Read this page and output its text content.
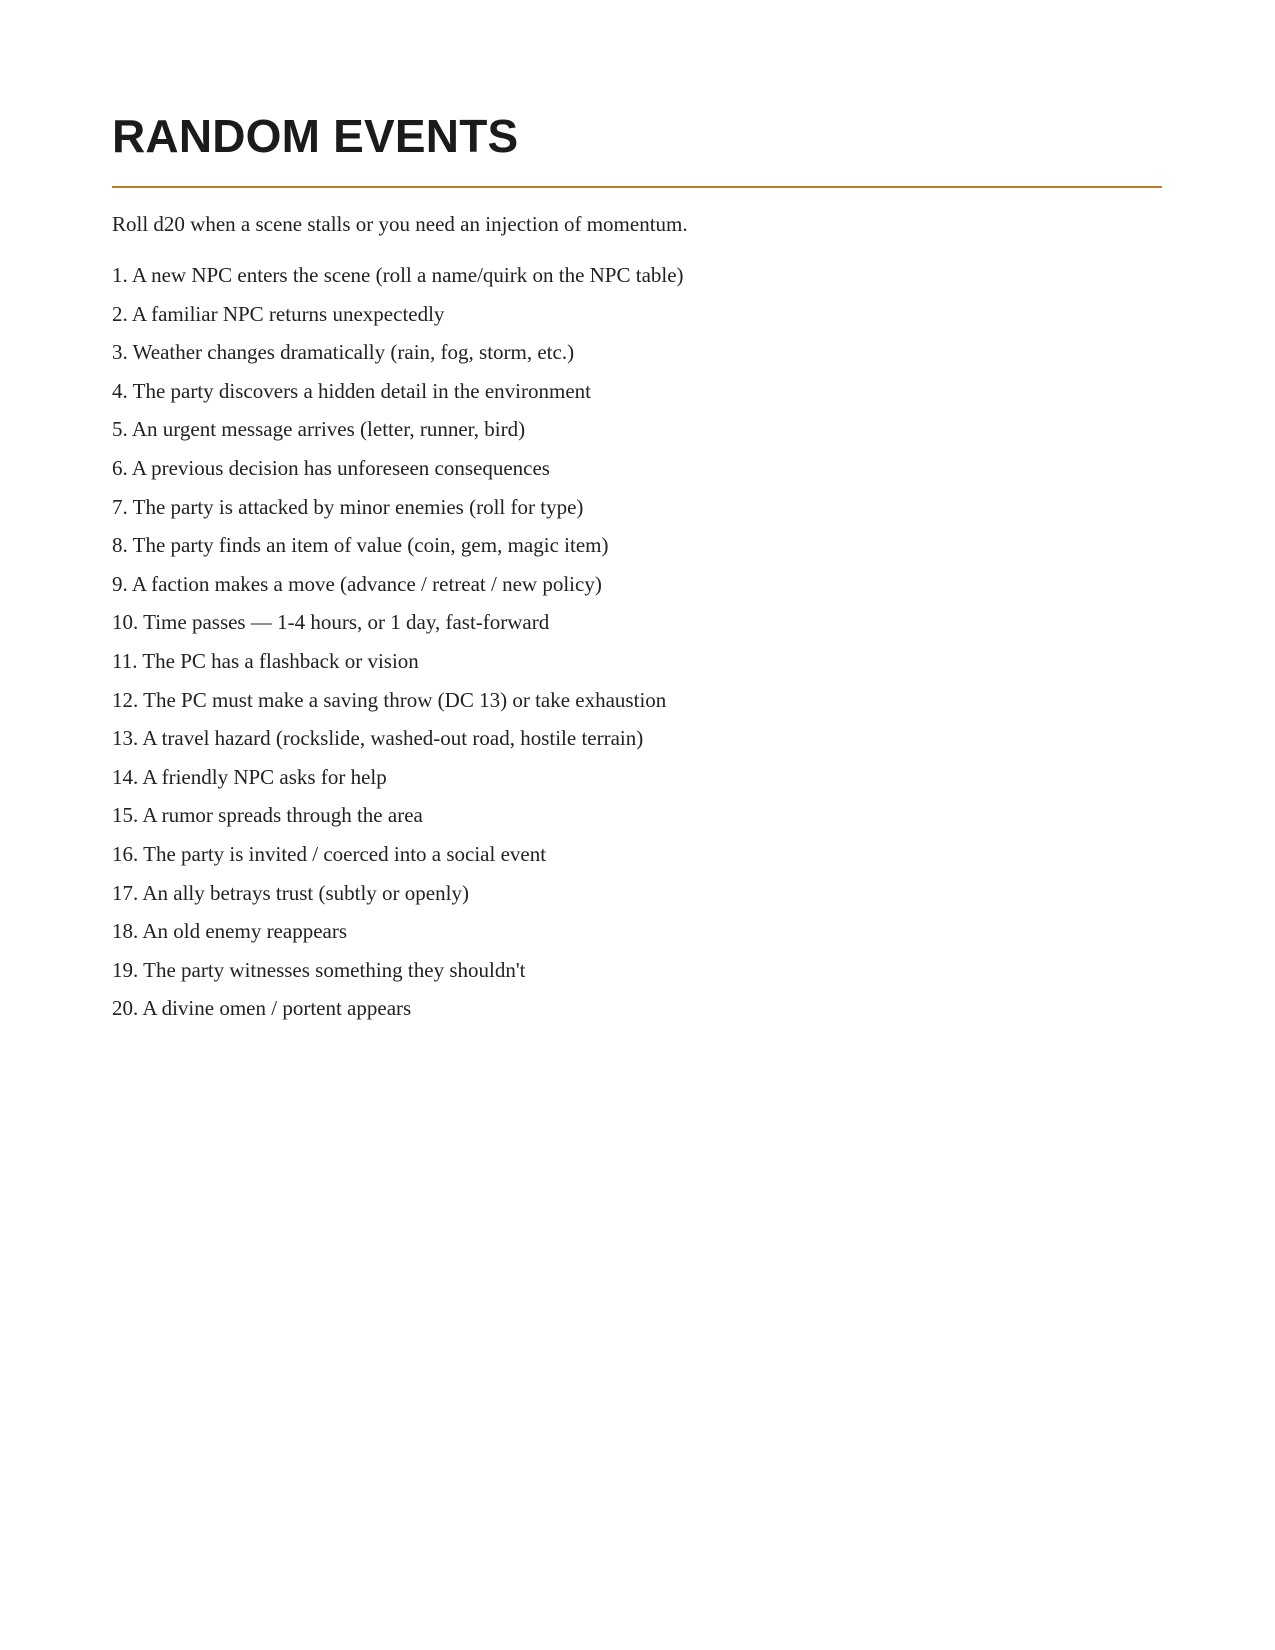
RANDOM EVENTS

Roll d20 when a scene stalls or you need an injection of momentum.

1. A new NPC enters the scene (roll a name/quirk on the NPC table)
2. A familiar NPC returns unexpectedly
3. Weather changes dramatically (rain, fog, storm, etc.)
4. The party discovers a hidden detail in the environment
5. An urgent message arrives (letter, runner, bird)
6. A previous decision has unforeseen consequences
7. The party is attacked by minor enemies (roll for type)
8. The party finds an item of value (coin, gem, magic item)
9. A faction makes a move (advance / retreat / new policy)
10. Time passes — 1-4 hours, or 1 day, fast-forward
11. The PC has a flashback or vision
12. The PC must make a saving throw (DC 13) or take exhaustion
13. A travel hazard (rockslide, washed-out road, hostile terrain)
14. A friendly NPC asks for help
15. A rumor spreads through the area
16. The party is invited / coerced into a social event
17. An ally betrays trust (subtly or openly)
18. An old enemy reappears
19. The party witnesses something they shouldn't
20. A divine omen / portent appears
